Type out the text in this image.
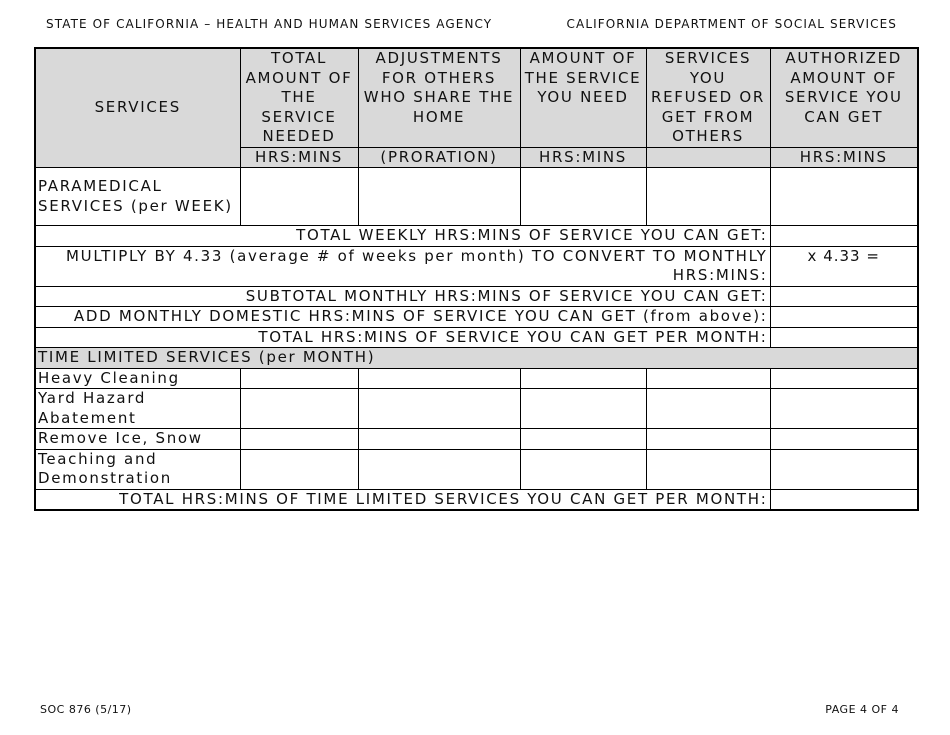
STATE OF CALIFORNIA – HEALTH AND HUMAN SERVICES AGENCY	CALIFORNIA DEPARTMENT OF SOCIAL SERVICES
SERVICES	TOTAL AMOUNT OF THE SERVICE NEEDED	ADJUSTMENTS FOR OTHERS WHO SHARE THE HOME	AMOUNT OF THE SERVICE YOU NEED	SERVICES YOU REFUSED OR GET FROM OTHERS	AUTHORIZED AMOUNT OF SERVICE YOU CAN GET
	HRS:MINS	(PRORATION)	HRS:MINS		HRS:MINS
PARAMEDICAL SERVICES (per WEEK)					
TOTAL WEEKLY HRS:MINS OF SERVICE YOU CAN GET:					
MULTIPLY BY 4.33 (average # of weeks per month) TO CONVERT TO MONTHLY HRS:MINS:					x 4.33 =
SUBTOTAL MONTHLY HRS:MINS OF SERVICE YOU CAN GET:					
ADD MONTHLY DOMESTIC HRS:MINS OF SERVICE YOU CAN GET (from above):					
TOTAL HRS:MINS OF SERVICE YOU CAN GET PER MONTH:					
TIME LIMITED SERVICES (per MONTH)					
Heavy Cleaning					
Yard Hazard Abatement					
Remove Ice, Snow					
Teaching and Demonstration					
TOTAL HRS:MINS OF TIME LIMITED SERVICES YOU CAN GET PER MONTH:					
SOC 876 (5/17)	PAGE 4 OF 4
